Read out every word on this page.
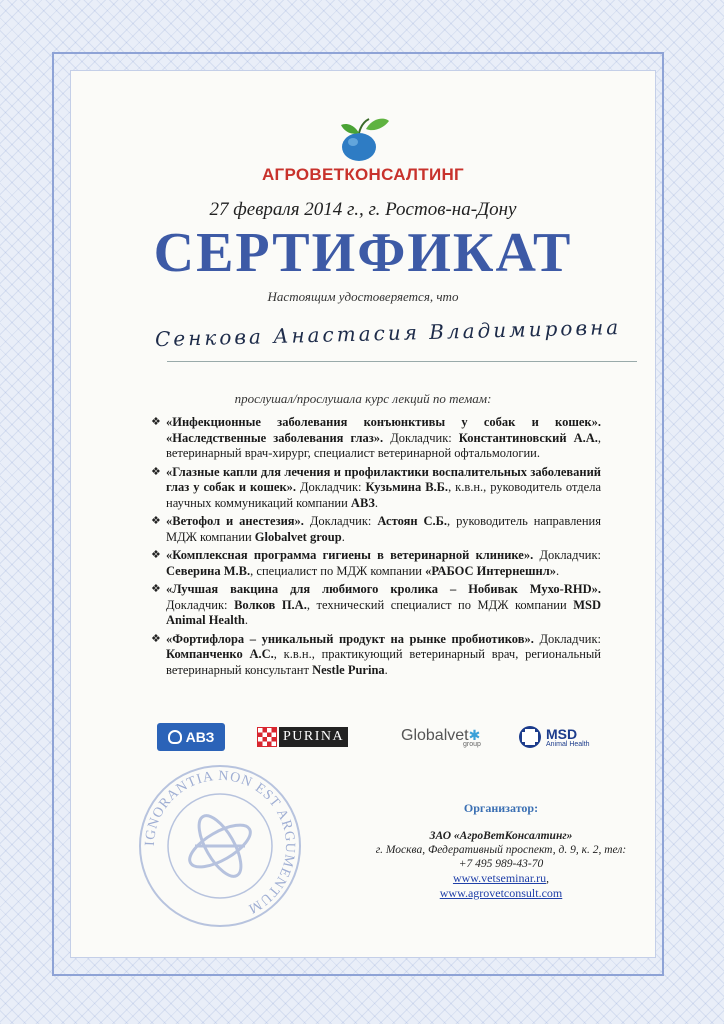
АГРОВЕТКОНСАЛТИНГ
27 февраля 2014 г., г. Ростов-на-Дону
СЕРТИФИКАТ
Настоящим удостоверяется, что
Сенкова Анастасия Владимировна
прослушал/прослушала курс лекций по темам:
❖ «Инфекционные заболевания конъюнктивы у собак и кошек». «Наследственные заболевания глаз». Докладчик: Константиновский А.А., ветеринарный врач-хирург, специалист ветеринарной офтальмологии.
❖ «Глазные капли для лечения и профилактики воспалительных заболеваний глаз у собак и кошек». Докладчик: Кузьмина В.Б., к.в.н., руководитель отдела научных коммуникаций компании АВЗ.
❖ «Ветофол и анестезия». Докладчик: Астоян С.Б., руководитель направления МДЖ компании Globalvet group.
❖ «Комплексная программа гигиены в ветеринарной клинике». Докладчик: Северина М.В., специалист по МДЖ компании «РАБОС Интернешнл».
❖ «Лучшая вакцина для любимого кролика – Нобивак Мухо-RHD». Докладчик: Волков П.А., технический специалист по МДЖ компании MSD Animal Health.
❖ «Фортифлора – уникальный продукт на рынке пробиотиков». Докладчик: Компанченко А.С., к.в.н., практикующий ветеринарный врач, региональный ветеринарный консультант Nestle Purina.
АВЗ	PURINA	Globalvet✱
group
MSD
Animal Health
IGNORANTIA NON EST ARGUMENTUM
Организатор:
ЗАО «АгроВетКонсалтинг»
г. Москва, Федеративный проспект, д. 9, к. 2, тел: +7 495 989-43-70
www.vetseminar.ru,
www.agrovetconsult.com
